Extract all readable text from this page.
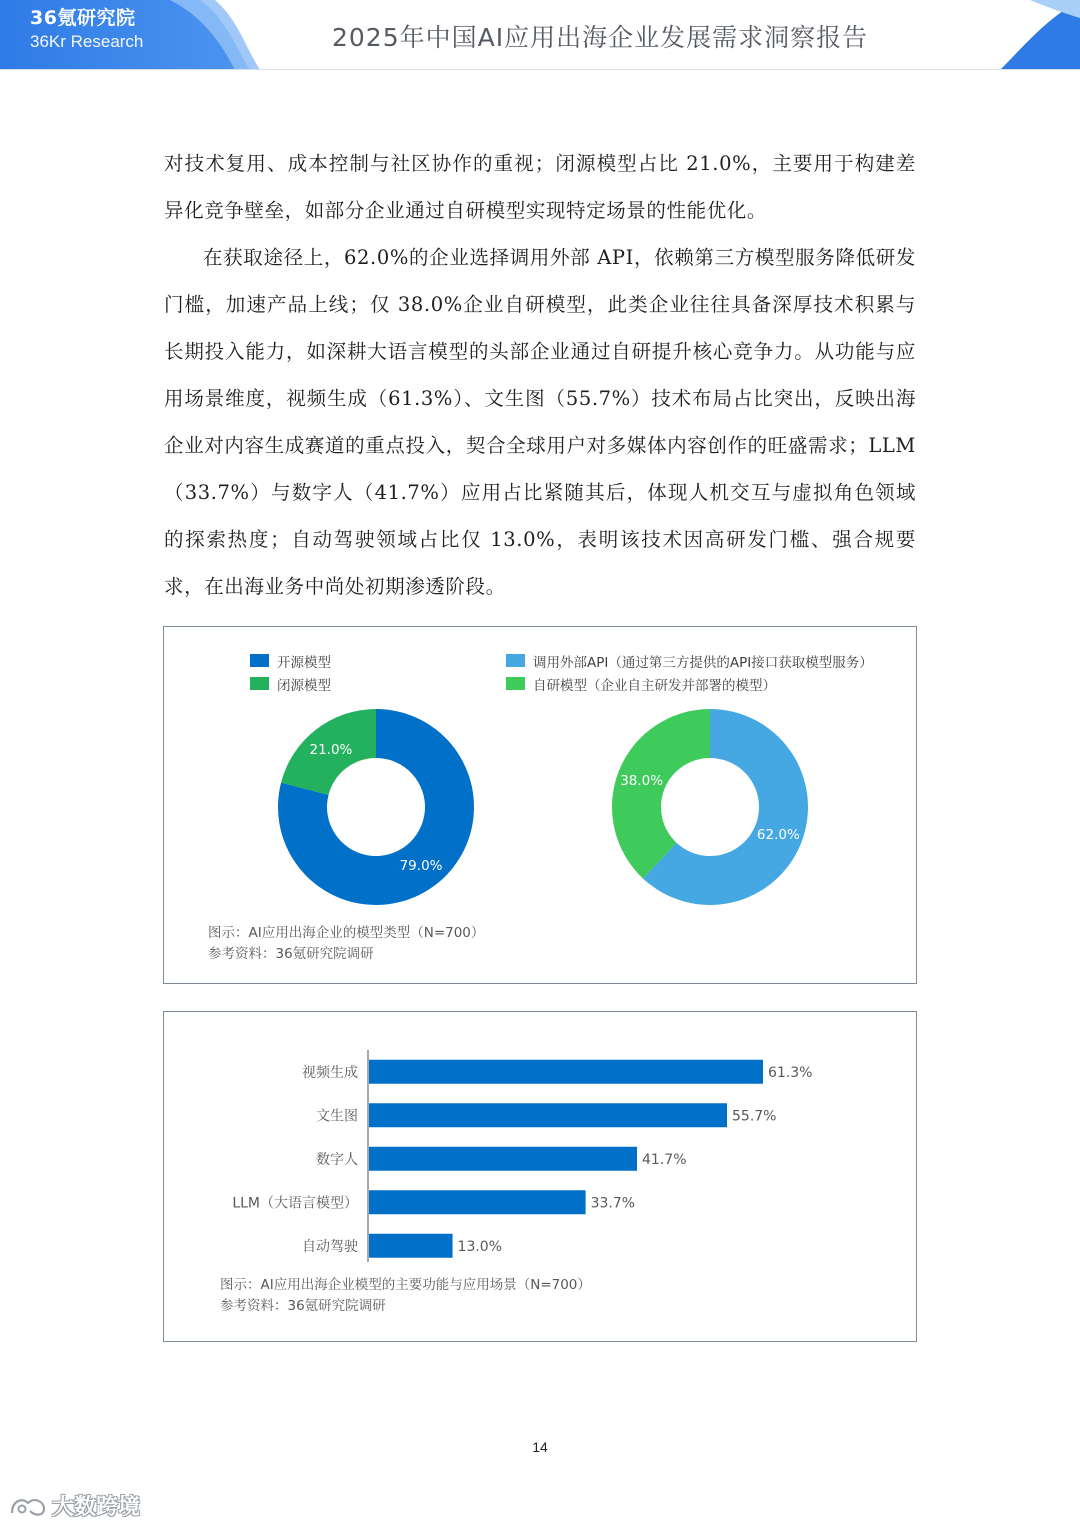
36氪研究院
36Kr Research	2025年中国AI应用出海企业发展需求洞察报告

对技术复用、成本控制与社区协作的重视；闭源模型占比 21.0%，主要用于构建差异化竞争壁垒，如部分企业通过自研模型实现特定场景的性能优化。

在获取途径上，62.0%的企业选择调用外部 API，依赖第三方模型服务降低研发门槛，加速产品上线；仅 38.0%企业自研模型，此类企业往往具备深厚技术积累与长期投入能力，如深耕大语言模型的头部企业通过自研提升核心竞争力。从功能与应用场景维度，视频生成（61.3%）、文生图（55.7%）技术布局占比突出，反映出海企业对内容生成赛道的重点投入，契合全球用户对多媒体内容创作的旺盛需求；LLM（33.7%）与数字人（41.7%）应用占比紧随其后，体现人机交互与虚拟角色领域的探索热度；自动驾驶领域占比仅 13.0%，表明该技术因高研发门槛、强合规要求，在出海业务中尚处初期渗透阶段。

开源模型
闭源模型
调用外部API（通过第三方提供的API接口获取模型服务）
自研模型（企业自主研发并部署的模型）
79.0%
21.0%
62.0%
38.0%
图示：AI应用出海企业的模型类型（N=700）
参考资料：36氪研究院调研
视频生成	61.3%
文生图	55.7%
数字人	41.7%
LLM（大语言模型）	33.7%
自动驾驶	13.0%
图示：AI应用出海企业模型的主要功能与应用场景（N=700）
参考资料：36氪研究院调研
14
大数跨境
